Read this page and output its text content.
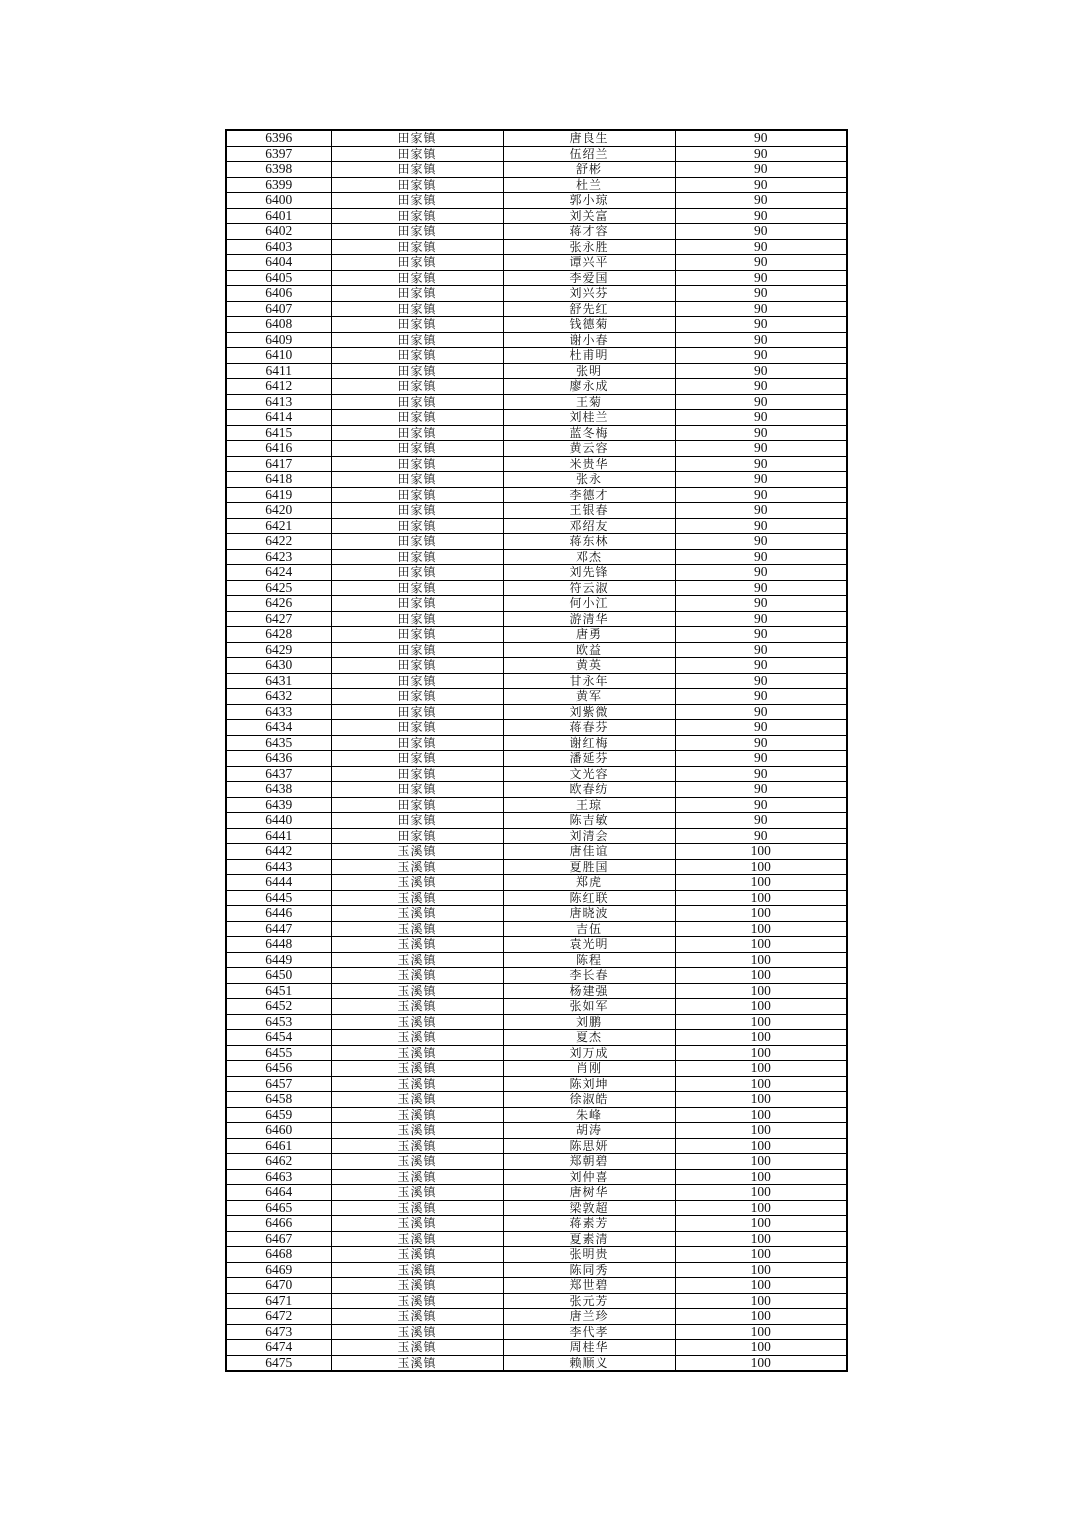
6396	田家镇	唐良生	90
6397	田家镇	伍绍兰	90
6398	田家镇	舒彬	90
6399	田家镇	杜兰	90
6400	田家镇	郭小琼	90
6401	田家镇	刘关富	90
6402	田家镇	蒋才容	90
6403	田家镇	张永胜	90
6404	田家镇	谭兴平	90
6405	田家镇	李爱国	90
6406	田家镇	刘兴芬	90
6407	田家镇	舒先红	90
6408	田家镇	钱德菊	90
6409	田家镇	谢小春	90
6410	田家镇	杜甫明	90
6411	田家镇	张明	90
6412	田家镇	廖永成	90
6413	田家镇	王菊	90
6414	田家镇	刘桂兰	90
6415	田家镇	蓝冬梅	90
6416	田家镇	黄云容	90
6417	田家镇	米贵华	90
6418	田家镇	张永	90
6419	田家镇	李德才	90
6420	田家镇	王银春	90
6421	田家镇	邓绍友	90
6422	田家镇	蒋东林	90
6423	田家镇	邓杰	90
6424	田家镇	刘先锋	90
6425	田家镇	符云淑	90
6426	田家镇	何小江	90
6427	田家镇	游清华	90
6428	田家镇	唐勇	90
6429	田家镇	欧益	90
6430	田家镇	黄英	90
6431	田家镇	甘永年	90
6432	田家镇	黄军	90
6433	田家镇	刘紫微	90
6434	田家镇	蒋春芬	90
6435	田家镇	谢红梅	90
6436	田家镇	潘延芬	90
6437	田家镇	文光容	90
6438	田家镇	欧春纺	90
6439	田家镇	王琼	90
6440	田家镇	陈吉敏	90
6441	田家镇	刘清会	90
6442	玉溪镇	唐佳谊	100
6443	玉溪镇	夏胜国	100
6444	玉溪镇	郑虎	100
6445	玉溪镇	陈红联	100
6446	玉溪镇	唐晓波	100
6447	玉溪镇	吉伍	100
6448	玉溪镇	袁光明	100
6449	玉溪镇	陈程	100
6450	玉溪镇	李长春	100
6451	玉溪镇	杨建强	100
6452	玉溪镇	张如军	100
6453	玉溪镇	刘鹏	100
6454	玉溪镇	夏杰	100
6455	玉溪镇	刘万成	100
6456	玉溪镇	肖刚	100
6457	玉溪镇	陈刘坤	100
6458	玉溪镇	徐淑皓	100
6459	玉溪镇	朱峰	100
6460	玉溪镇	胡涛	100
6461	玉溪镇	陈思妍	100
6462	玉溪镇	郑朝碧	100
6463	玉溪镇	刘仲喜	100
6464	玉溪镇	唐树华	100
6465	玉溪镇	梁敦超	100
6466	玉溪镇	蒋素芳	100
6467	玉溪镇	夏素清	100
6468	玉溪镇	张明贵	100
6469	玉溪镇	陈同秀	100
6470	玉溪镇	郑世碧	100
6471	玉溪镇	张元芳	100
6472	玉溪镇	唐兰珍	100
6473	玉溪镇	李代孝	100
6474	玉溪镇	周桂华	100
6475	玉溪镇	赖顺义	100
